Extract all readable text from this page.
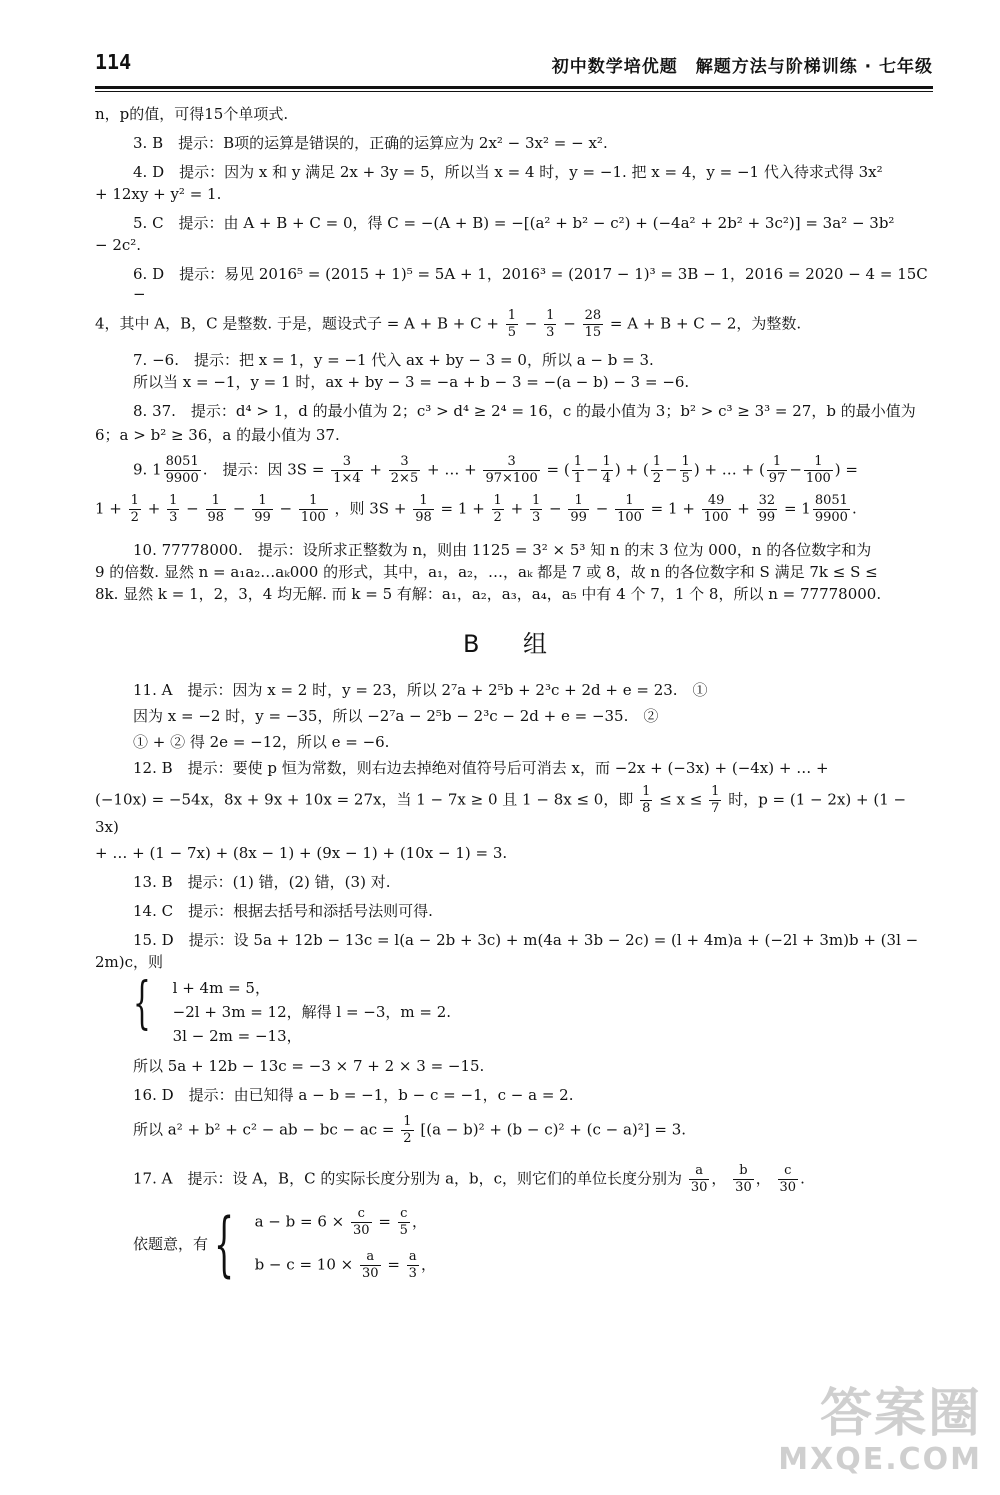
114	初中数学培优题　解题方法与阶梯训练 · 七年级

n，p的值，可得15个单项式.

3. B　提示：B项的运算是错误的，正确的运算应为 2x² − 3x² = − x².

4. D　提示：因为 x 和 y 满足 2x + 3y = 5，所以当 x = 4 时，y = −1. 把 x = 4，y = −1 代入待求式得 3x²

+ 12xy + y² = 1.

5. C　提示：由 A + B + C = 0，得 C = −(A + B) = −[(a² + b² − c²) + (−4a² + 2b² + 3c²)] = 3a² − 3b²

− 2c².

6. D　提示：易见 2016⁵ = (2015 + 1)⁵ = 5A + 1，2016³ = (2017 − 1)³ = 3B − 1，2016 = 2020 − 4 = 15C −

4，其中 A，B，C 是整数. 于是，题设式子 = $A + B + C + \frac{1}{5} - \frac{1}{3} - \frac{28}{15} = A + B + C - 2$，为整数.

7. −6.　提示：把 x = 1，y = −1 代入 ax + by − 3 = 0，所以 a − b = 3.

所以当 x = −1，y = 1 时，ax + by − 3 = −a + b − 3 = −(a − b) − 3 = −6.

8. 37.　提示：d⁴ > 1，d 的最小值为 2；c³ > d⁴ ≥ 2⁴ = 16，c 的最小值为 3；b² > c³ ≥ 3³ = 27，b 的最小值为

6；a > b² ≥ 36，a 的最小值为 37.

9. $1 \frac{8051}{9900}$ .　提示：因 $3S = \frac{3}{1\times 4} + \frac{3}{2\times 5}$ + … + $\frac{3}{97\times 100}$ = ( $\frac{1}{1} - \frac{1}{4}$ ) + ( $\frac{1}{2} - \frac{1}{5}$ ) + … + ( $\frac{1}{97} - \frac{1}{100}$ ) =

$1 + \frac{1}{2} + \frac{1}{3} - \frac{1}{98} - \frac{1}{99} - \frac{1}{100}$ ，则 $3S + \frac{1}{98} = 1 + \frac{1}{2} + \frac{1}{3} - \frac{1}{99} - \frac{1}{100} = 1 + \frac{49}{100} + \frac{32}{99} = 1 \frac{8051}{9900}$ .

10. 77778000.　提示：设所求正整数为 n，则由 1125 = 3² × 5³ 知 n 的末 3 位为 000，n 的各位数字和为

9 的倍数. 显然 n = a₁a₂…aₖ000 的形式，其中，a₁，a₂，…，aₖ 都是 7 或 8，故 n 的各位数字和 S 满足 7k ≤ S ≤

8k. 显然 k = 1，2，3，4 均无解. 而 k = 5 有解：a₁，a₂，a₃，a₄，a₅ 中有 4 个 7，1 个 8，所以 n = 77778000.

B 组

11. A　提示：因为 x = 2 时，y = 23，所以 2⁷a + 2⁵b + 2³c + 2d + e = 23.　①

因为 x = −2 时，y = −35，所以 −2⁷a − 2⁵b − 2³c − 2d + e = −35.　②

① + ② 得 2e = −12，所以 e = −6.

12. B　提示：要使 p 恒为常数，则右边去掉绝对值符号后可消去 x，而 −2x + (−3x) + (−4x) + … +

(−10x) = −54x，8x + 9x + 10x = 27x，当 1 − 7x ≥ 0 且 1 − 8x ≤ 0，即 $\frac{1}{8} \le x \le \frac{1}{7}$ 时，p = (1 − 2x) + (1 − 3x)

+ … + (1 − 7x) + (8x − 1) + (9x − 1) + (10x − 1) = 3.

13. B　提示：(1) 错，(2) 错，(3) 对.

14. C　提示：根据去括号和添括号法则可得.

15. D　提示：设 5a + 12b − 13c = l(a − 2b + 3c) + m(4a + 3b − 2c) = (l + 4m)a + (−2l + 3m)b + (3l −

2m)c，则

{ l + 4m = 5，
−2l + 3m = 12，解得 l = −3，m = 2.
3l − 2m = −13，

所以 5a + 12b − 13c = −3 × 7 + 2 × 3 = −15.

16. D　提示：由已知得 a − b = −1，b − c = −1，c − a = 2.

所以 a² + b² + c² − ab − bc − ac = $\frac{1}{2} [(a - b)^2 + (b - c)^2 + (c - a)^2] = 3$.

17. A　提示：设 A，B，C 的实际长度分别为 a，b，c，则它们的单位长度分别为 $\frac{a}{30}$ ， $\frac{b}{30}$ ， $\frac{c}{30}$ .

依题意，有 { $a - b = 6 \times \frac{c}{30} = \frac{c}{5}$ ，
$b - c = 10 \times \frac{a}{30} = \frac{a}{3}$ ，
答案圈
MXQE.COM
